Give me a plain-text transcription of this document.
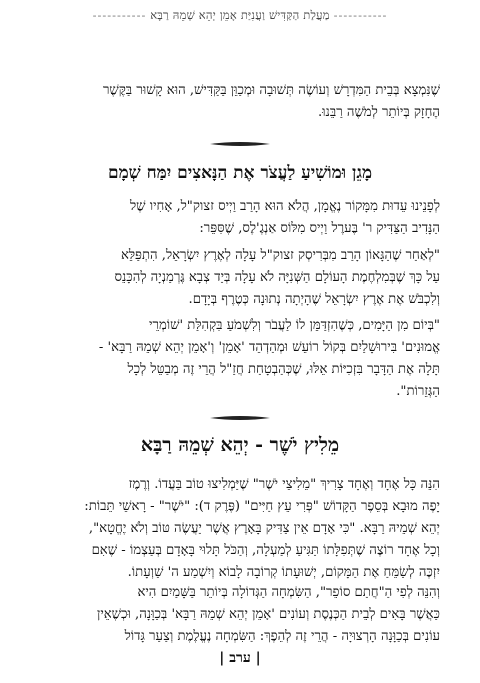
----------- מַעֲלַת הַקַּדִּישׁ וַעֲנִיַּת אָמֵן יְהֵא שְׁמֵהּ רַבָּא -----------
שֶׁנִּמְצָא בְּבֵית הַמִּדְרָשׁ וְעוֹשֶׂה תְּשׁוּבָה וּמְכַוֵּן בַּקַּדִּישׁ, הוּא קָשׁוּר בַּקֶּשֶׁר
הֶחָזָק בְּיוֹתֵר לְמֹשֶׁה רַבֵּנוּ.
מָגֵן וּמוֹשִׁיעַ לַעֲצֹר אֶת הַנָּאצִים יִמַּח שְׁמָם
לְפָנֵינוּ עֵדוּת מִמָּקוֹר נֶאֱמָן, הֲלֹא הוּא הָרַב וַיְיס זצוק"ל, אָחִיו שֶׁל
הַנָּדִיב הַצַּדִּיק ר' בֶּערֶל וַיְיס מִלּוֹס אַנְגֶ'לֶס, שֶׁסִּפֵּר:
"לְאַחַר שֶׁהַגָּאוֹן הָרַב מִבְּרִיסְק זצוק"ל עָלָה לְאֶרֶץ יִשְׂרָאֵל, הִתְפַּלֵּא
עַל כָּךְ שֶׁבְּמִלְחֶמֶת הָעוֹלָם הַשְּׁנִיָּה לֹא עָלָה בְּיַד צְבָא גֶּרְמַנְיָה לְהִכָּנֵס
וְלִכְבֹּשׁ אֶת אֶרֶץ יִשְׂרָאֵל שֶׁהָיְתָה נְתוּנָה כְּטֶרֶף בְּיָדָם.
"בְּיוֹם מִן הַיָּמִים, כְּשֶׁהִזְדַּמֵּן לוֹ לַעֲבֹר וְלִשְׁמֹעַ בִּקְהִלַּת 'שׁוֹמְרֵי
אֱמוּנִים' בִּירוּשָׁלַיִם בְּקוֹל רוֹעֵשׁ וּמְהַדְהֵד 'אָמֵן' וְ'אָמֵן יְהֵא שְׁמֵהּ רַבָּא' -
תָּלָה אֶת הַדָּבָר בִּזְכִיּוֹת אֵלּוּ, שֶׁכְּהַבְטָחַת חֲזַ"ל הֲרֵי זֶה מְבַטֵּל לְכָל
הַגְּזֵרוֹת".
מֵלִיץ יֹשֶׁר - יְהֵא שְׁמֵהּ רַבָּא
הִנֵּה כָּל אֶחָד וְאֶחָד צָרִיךְ "מֵלִיצֵי יֹשֶׁר" שֶׁיַּמְלִיצוּ טוֹב בַּעֲדוֹ. וְרֶמֶז
יָפֶה מוּבָא בְּסֵפֶר הַקָּדוֹשׁ "פְּרִי עֵץ חַיִּים" (פֶּרֶק ד): "יֹשֶׁר" - רָאשֵׁי תֵּבוֹת:
יְהֵא שְׁמֵיהּ רַבָּא. "כִּי אָדָם אֵין צַדִּיק בָּאָרֶץ אֲשֶׁר יַעֲשֶׂה טּוֹב וְלֹא יֶחֱטָא",
וְכָל אֶחָד רוֹצֶה שֶׁתְּפִלָּתוֹ תַּגִּיעַ לְמַעְלָה, וְהַכֹּל תָּלוּי בָּאָדָם בְּעַצְמוֹ - שֶׁאִם
יִזְכֶּה לְשַׂמֵּחַ אֶת הַמָּקוֹם, יְשׁוּעָתוֹ קְרוֹבָה לָבוֹא וְיִשְׁמַע ה' שַׁוְעָתוֹ.
וְהִנֵּה לְפִי הַ"חֲתַם סוֹפֵר", הַשִּׂמְחָה הַגְּדוֹלָה בְּיוֹתֵר בַּשָּׁמַיִם הִיא
כַּאֲשֶׁר בָּאִים לְבֵית הַכְּנֶסֶת וְעוֹנִים 'אָמֵן יְהֵא שְׁמֵהּ רַבָּא' בְּכַוָּנָה, וּכְשֶׁאֵין
עוֹנִים בְּכַוָּנָה הָרְצוּיָה - הֲרֵי זֶה לְהֵפֶךְ: הַשִּׂמְחָה נֶעֱלֶמֶת וְצַעַר גָּדוֹל
| ערב |
